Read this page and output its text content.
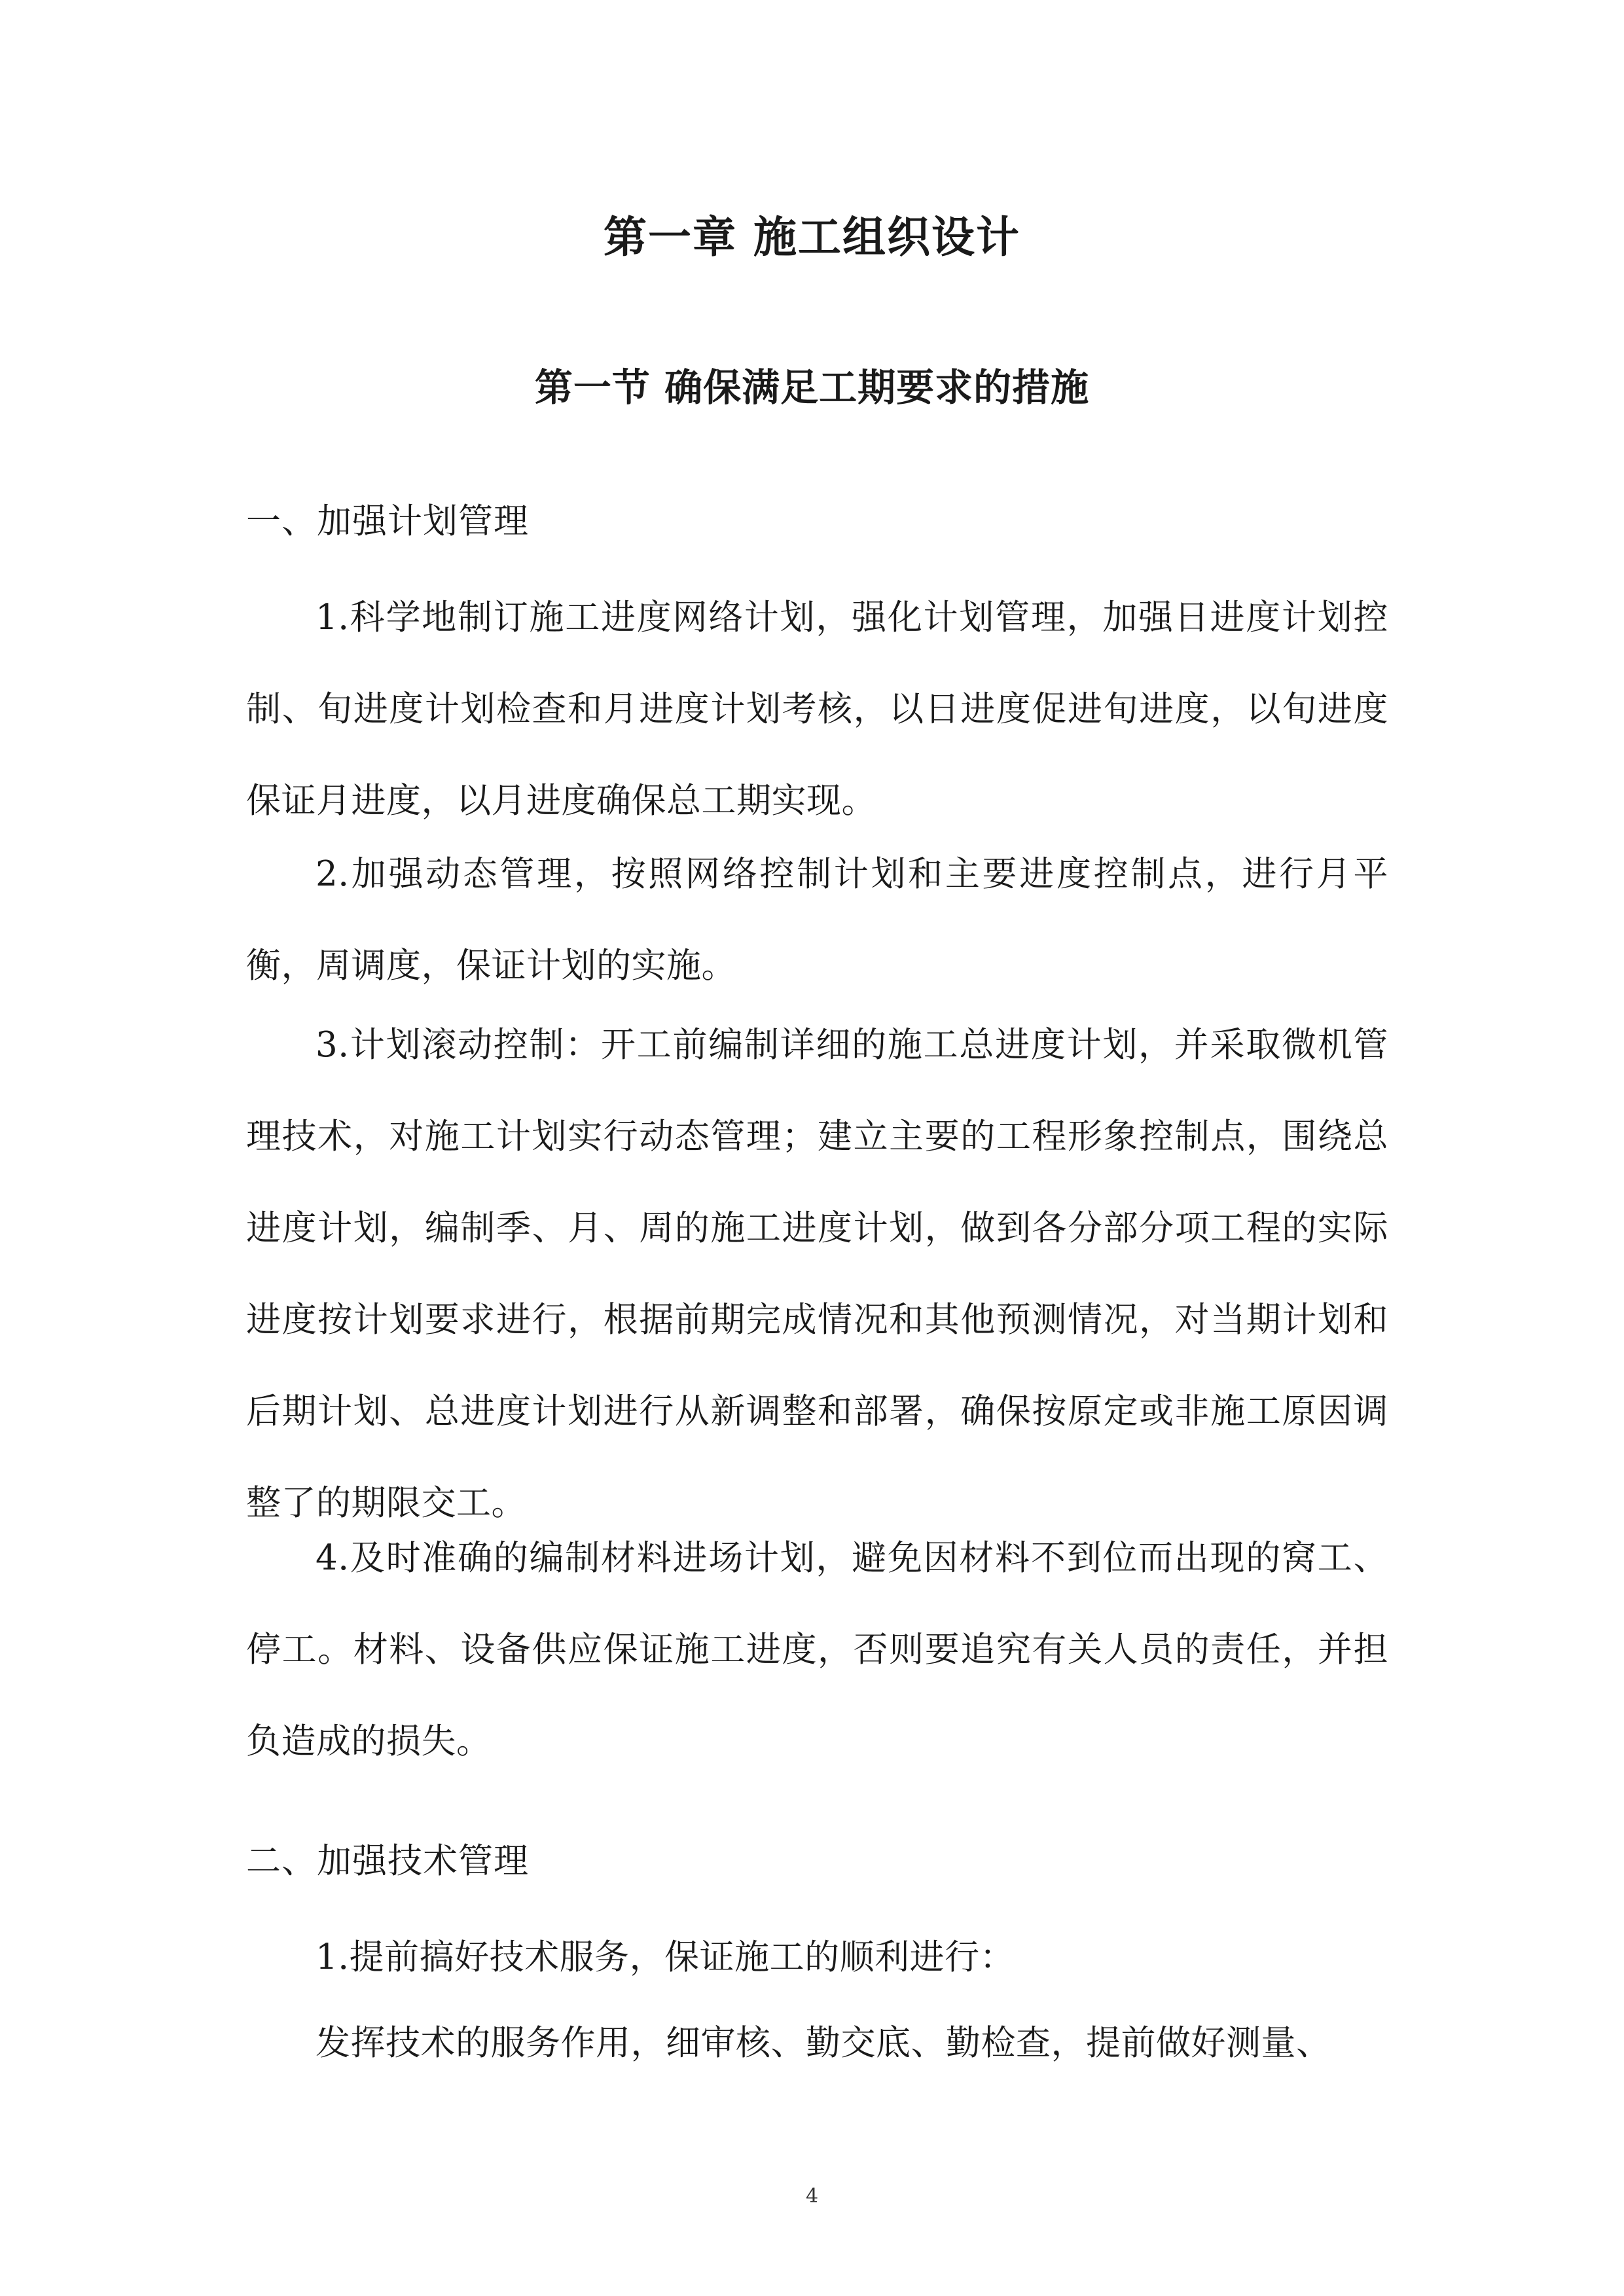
第一章 施工组织设计
第一节 确保满足工期要求的措施

一、加强计划管理

1.科学地制订施工进度网络计划，强化计划管理，加强日进度计划控制、旬进度计划检查和月进度计划考核，以日进度促进旬进度，以旬进度保证月进度，以月进度确保总工期实现。

2.加强动态管理，按照网络控制计划和主要进度控制点，进行月平衡，周调度，保证计划的实施。

3.计划滚动控制：开工前编制详细的施工总进度计划，并采取微机管理技术，对施工计划实行动态管理；建立主要的工程形象控制点，围绕总进度计划，编制季、月、周的施工进度计划，做到各分部分项工程的实际进度按计划要求进行，根据前期完成情况和其他预测情况，对当期计划和后期计划、总进度计划进行从新调整和部署，确保按原定或非施工原因调整了的期限交工。

4.及时准确的编制材料进场计划，避免因材料不到位而出现的窝工、停工。材料、设备供应保证施工进度，否则要追究有关人员的责任，并担负造成的损失。

二、加强技术管理

1.提前搞好技术服务，保证施工的顺利进行：

发挥技术的服务作用，细审核、勤交底、勤检查，提前做好测量、

4
